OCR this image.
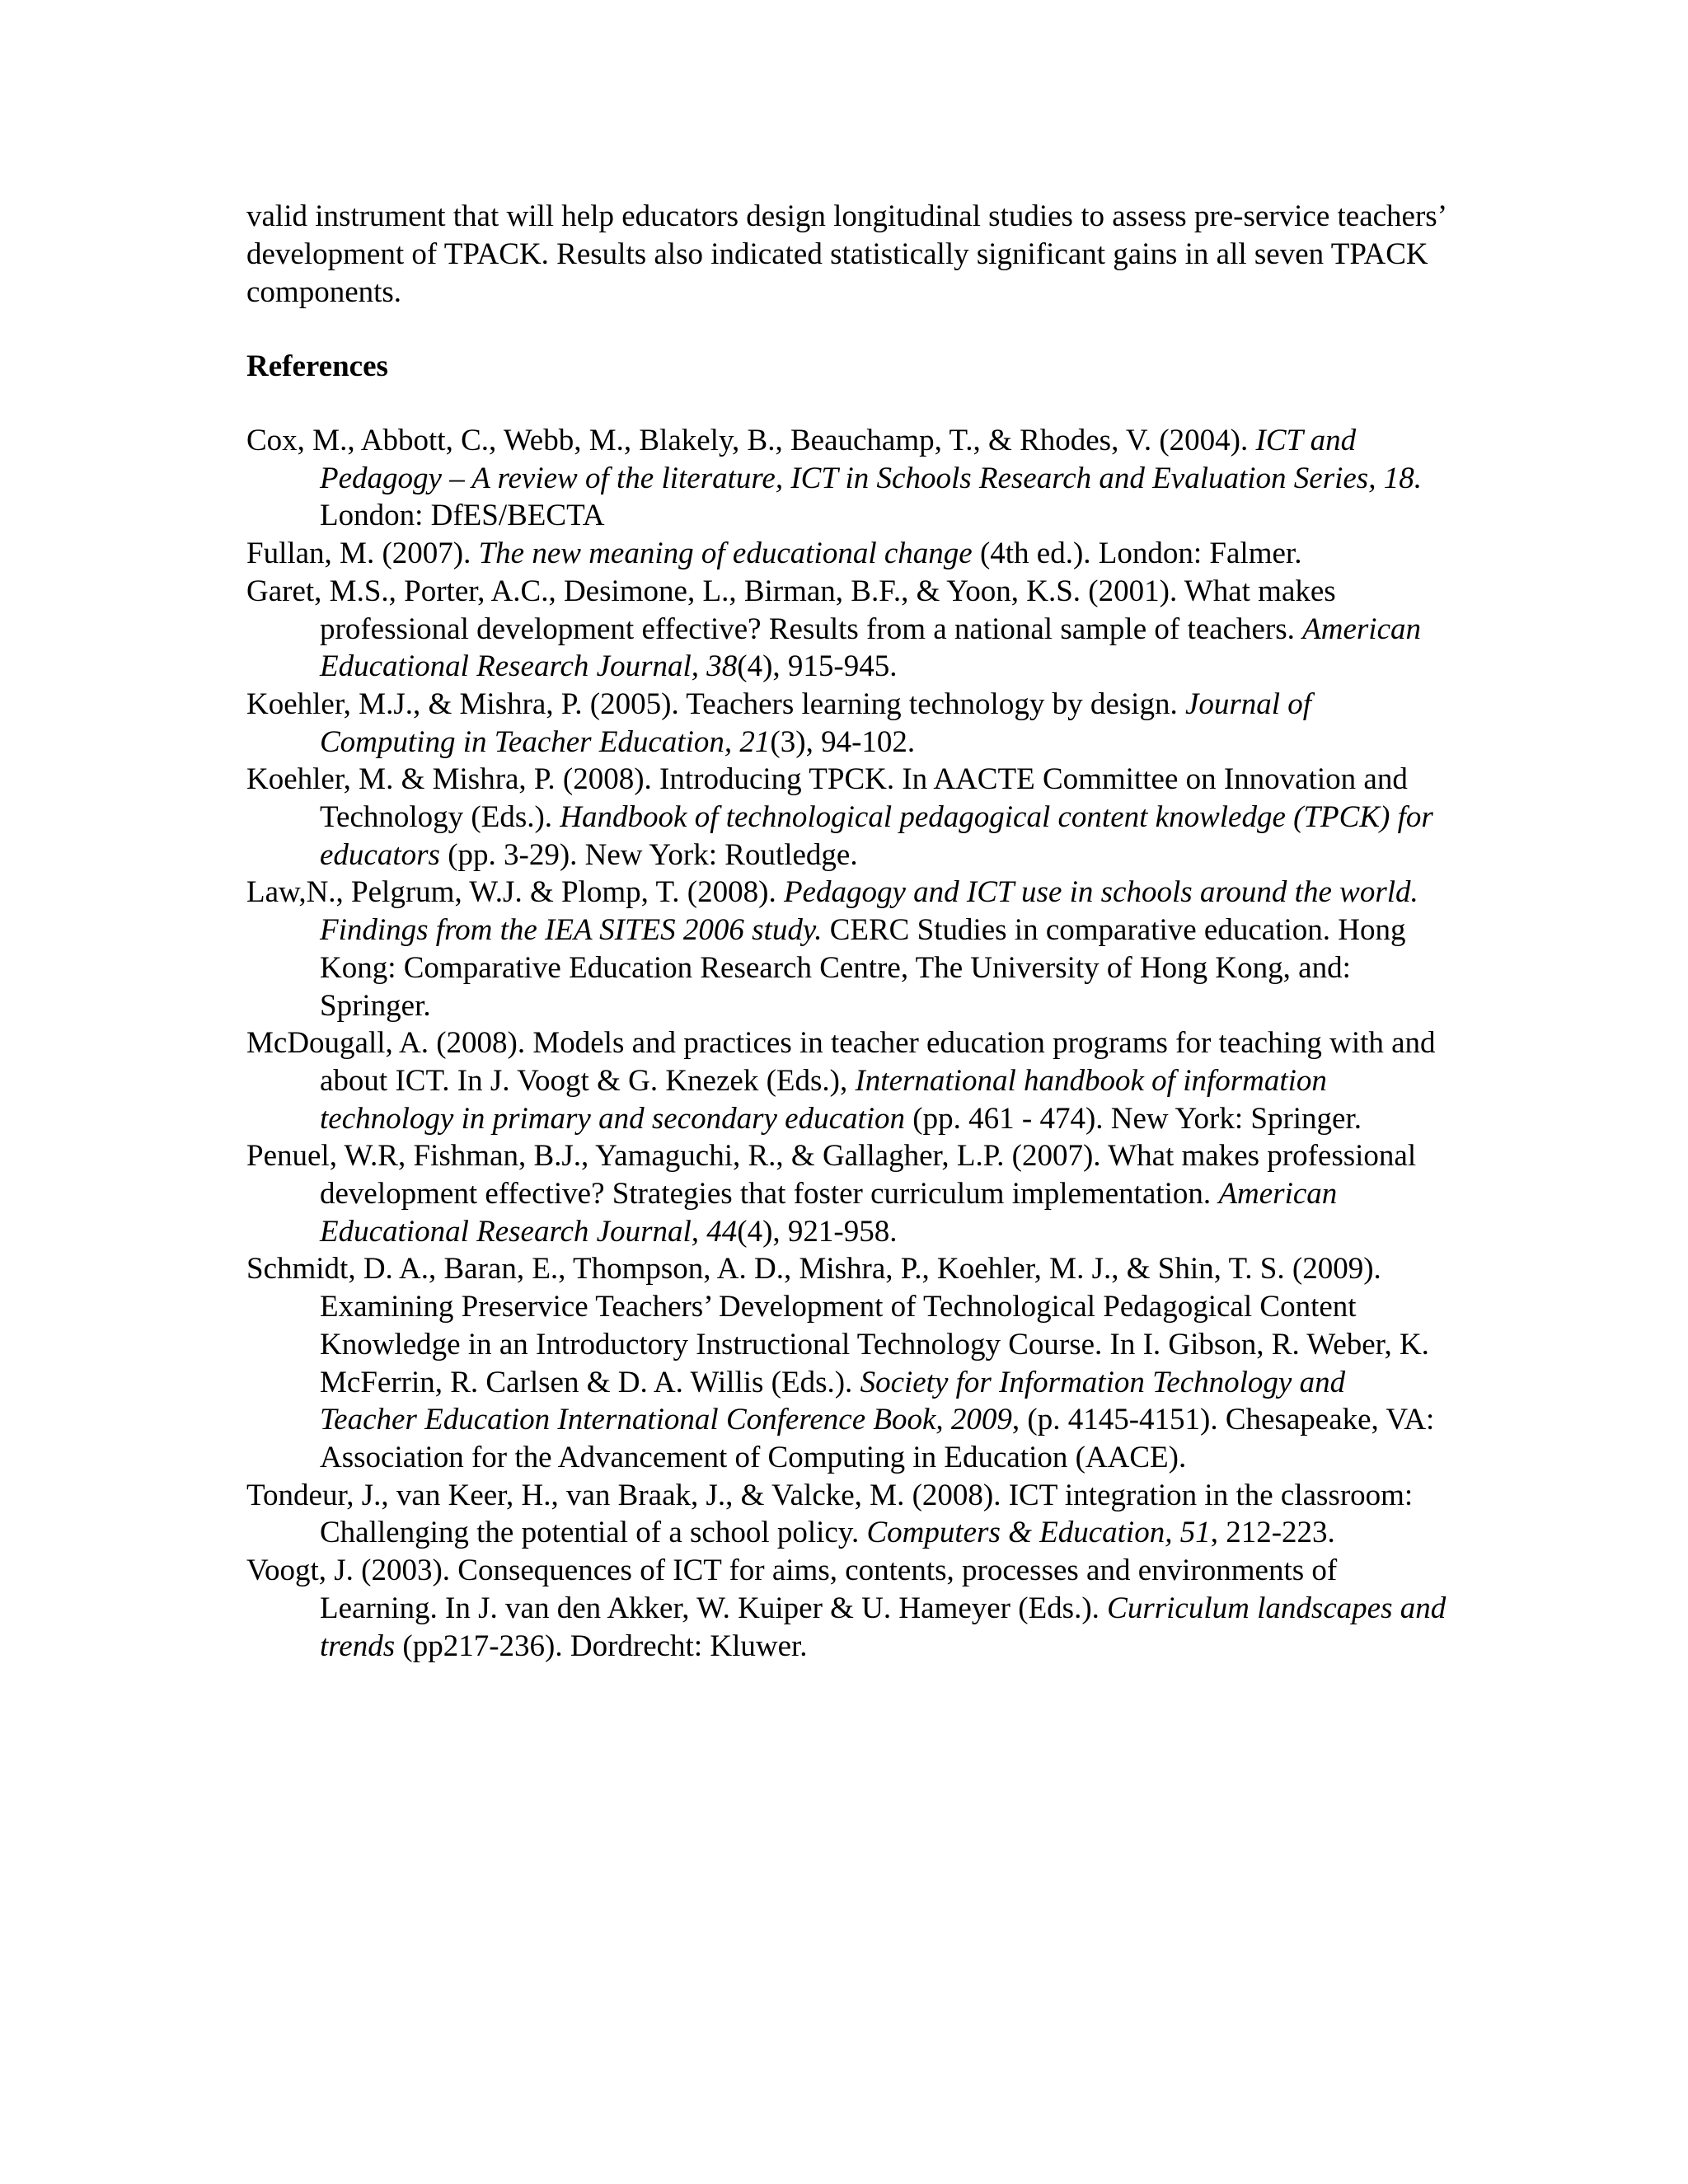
valid instrument that will help educators design longitudinal studies to assess pre-service teachers’ development of TPACK. Results also indicated statistically significant gains in all seven TPACK components.

References

Cox, M., Abbott, C., Webb, M., Blakely, B., Beauchamp, T., & Rhodes, V. (2004). ICT and Pedagogy – A review of the literature, ICT in Schools Research and Evaluation Series, 18. London: DfES/BECTA

Fullan, M. (2007). The new meaning of educational change (4th ed.). London: Falmer.

Garet, M.S., Porter, A.C., Desimone, L., Birman, B.F., & Yoon, K.S. (2001). What makes professional development effective? Results from a national sample of teachers. American Educational Research Journal, 38(4), 915-945.

Koehler, M.J., & Mishra, P. (2005). Teachers learning technology by design. Journal of Computing in Teacher Education, 21(3), 94-102.

Koehler, M. & Mishra, P. (2008). Introducing TPCK. In AACTE Committee on Innovation and Technology (Eds.). Handbook of technological pedagogical content knowledge (TPCK) for educators (pp. 3-29). New York: Routledge.

Law,N., Pelgrum, W.J. & Plomp, T. (2008). Pedagogy and ICT use in schools around the world. Findings from the IEA SITES 2006 study. CERC Studies in comparative education. Hong Kong: Comparative Education Research Centre, The University of Hong Kong, and: Springer.

McDougall, A. (2008). Models and practices in teacher education programs for teaching with and about ICT. In J. Voogt & G. Knezek (Eds.), International handbook of information technology in primary and secondary education (pp. 461 - 474). New York: Springer.

Penuel, W.R, Fishman, B.J., Yamaguchi, R., & Gallagher, L.P. (2007). What makes professional development effective? Strategies that foster curriculum implementation. American Educational Research Journal, 44(4), 921-958.

Schmidt, D. A., Baran, E., Thompson, A. D., Mishra, P., Koehler, M. J., & Shin, T. S. (2009). Examining Preservice Teachers’ Development of Technological Pedagogical Content Knowledge in an Introductory Instructional Technology Course. In I. Gibson, R. Weber, K. McFerrin, R. Carlsen & D. A. Willis (Eds.). Society for Information Technology and Teacher Education International Conference Book, 2009, (p. 4145-4151). Chesapeake, VA: Association for the Advancement of Computing in Education (AACE).

Tondeur, J., van Keer, H., van Braak, J., & Valcke, M. (2008). ICT integration in the classroom: Challenging the potential of a school policy. Computers & Education, 51, 212-223.

Voogt, J. (2003). Consequences of ICT for aims, contents, processes and environments of Learning. In J. van den Akker, W. Kuiper & U. Hameyer (Eds.). Curriculum landscapes and trends (pp217-236). Dordrecht: Kluwer.
